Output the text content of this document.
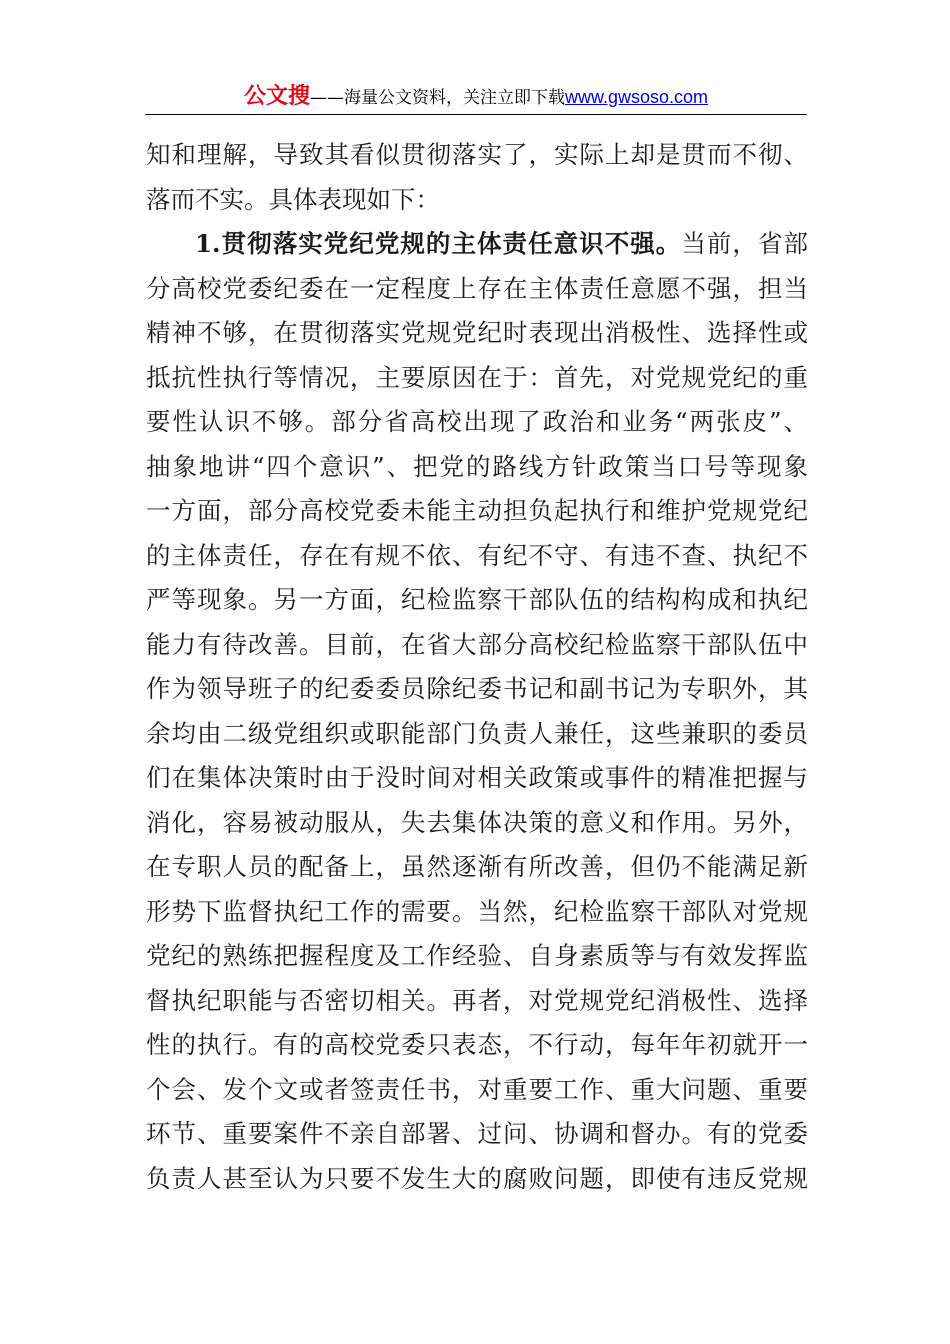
公文搜——海量公文资料，关注立即下载www.gwsoso.com
知和理解，导致其看似贯彻落实了，实际上却是贯而不彻、
落而不实。具体表现如下：
1.贯彻落实党纪党规的主体责任意识不强。当前，省部
分高校党委纪委在一定程度上存在主体责任意愿不强，担当
精神不够，在贯彻落实党规党纪时表现出消极性、选择性或
抵抗性执行等情况，主要原因在于：首先，对党规党纪的重
要性认识不够。部分省高校出现了政治和业务“两张皮”、
抽象地讲“四个意识”、把党的路线方针政策当口号等现象
一方面，部分高校党委未能主动担负起执行和维护党规党纪
的主体责任，存在有规不依、有纪不守、有违不查、执纪不
严等现象。另一方面，纪检监察干部队伍的结构构成和执纪
能力有待改善。目前，在省大部分高校纪检监察干部队伍中
作为领导班子的纪委委员除纪委书记和副书记为专职外，其
余均由二级党组织或职能部门负责人兼任，这些兼职的委员
们在集体决策时由于没时间对相关政策或事件的精准把握与
消化，容易被动服从，失去集体决策的意义和作用。另外，
在专职人员的配备上，虽然逐渐有所改善，但仍不能满足新
形势下监督执纪工作的需要。当然，纪检监察干部队对党规
党纪的熟练把握程度及工作经验、自身素质等与有效发挥监
督执纪职能与否密切相关。再者，对党规党纪消极性、选择
性的执行。有的高校党委只表态，不行动，每年年初就开一
个会、发个文或者签责任书，对重要工作、重大问题、重要
环节、重要案件不亲自部署、过问、协调和督办。有的党委
负责人甚至认为只要不发生大的腐败问题，即使有违反党规
